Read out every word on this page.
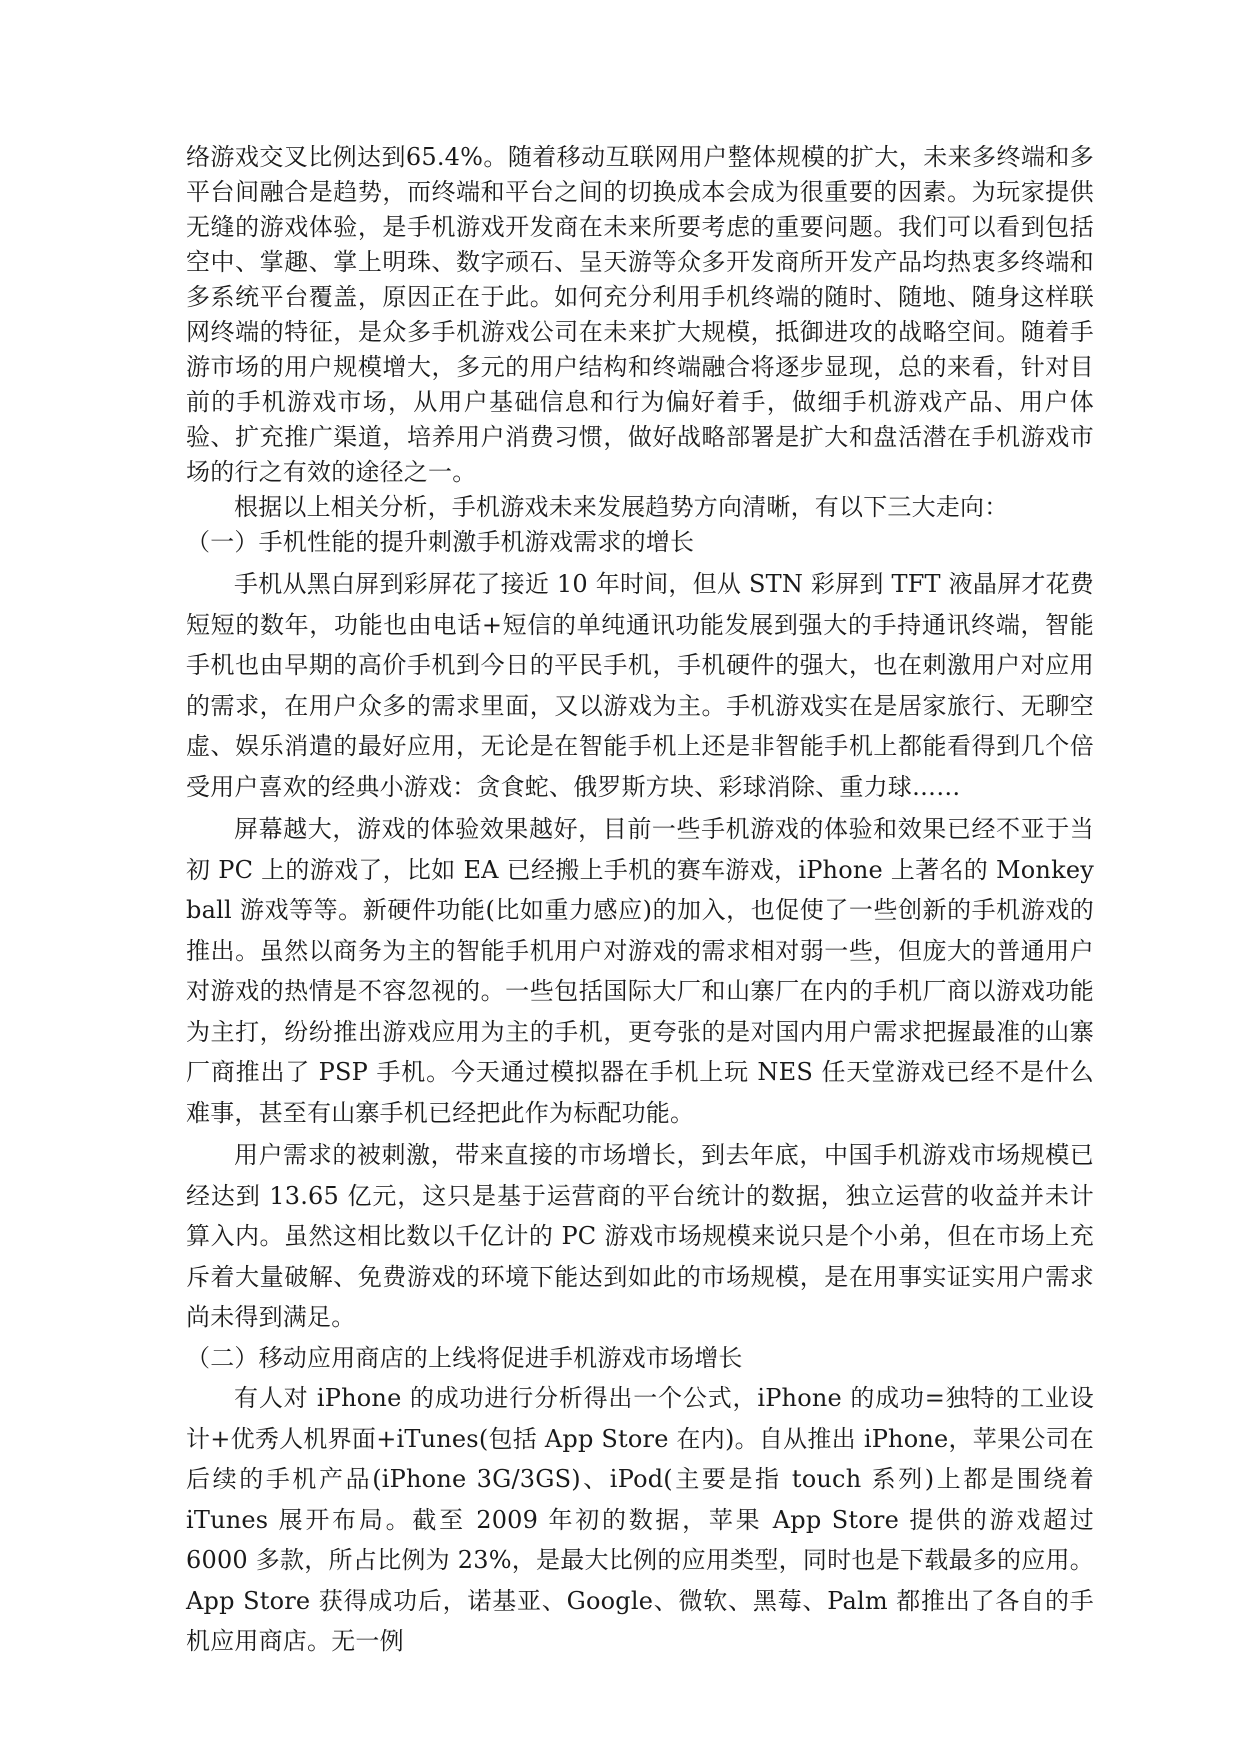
络游戏交叉比例达到65.4%。随着移动互联网用户整体规模的扩大，未来多终端和多平台间融合是趋势，而终端和平台之间的切换成本会成为很重要的因素。为玩家提供无缝的游戏体验，是手机游戏开发商在未来所要考虑的重要问题。我们可以看到包括空中、掌趣、掌上明珠、数字顽石、呈天游等众多开发商所开发产品均热衷多终端和多系统平台覆盖，原因正在于此。如何充分利用手机终端的随时、随地、随身这样联网终端的特征，是众多手机游戏公司在未来扩大规模，抵御进攻的战略空间。随着手游市场的用户规模增大，多元的用户结构和终端融合将逐步显现，总的来看，针对目前的手机游戏市场，从用户基础信息和行为偏好着手，做细手机游戏产品、用户体验、扩充推广渠道，培养用户消费习惯，做好战略部署是扩大和盘活潜在手机游戏市场的行之有效的途径之一。

根据以上相关分析，手机游戏未来发展趋势方向清晰，有以下三大走向：

（一）手机性能的提升刺激手机游戏需求的增长

手机从黑白屏到彩屏花了接近 10 年时间，但从 STN 彩屏到 TFT 液晶屏才花费短短的数年，功能也由电话+短信的单纯通讯功能发展到强大的手持通讯终端，智能手机也由早期的高价手机到今日的平民手机，手机硬件的强大，也在刺激用户对应用的需求，在用户众多的需求里面，又以游戏为主。手机游戏实在是居家旅行、无聊空虚、娱乐消遣的最好应用，无论是在智能手机上还是非智能手机上都能看得到几个倍受用户喜欢的经典小游戏：贪食蛇、俄罗斯方块、彩球消除、重力球……

屏幕越大，游戏的体验效果越好，目前一些手机游戏的体验和效果已经不亚于当初 PC 上的游戏了，比如 EA 已经搬上手机的赛车游戏，iPhone 上著名的 Monkey ball 游戏等等。新硬件功能(比如重力感应)的加入，也促使了一些创新的手机游戏的推出。虽然以商务为主的智能手机用户对游戏的需求相对弱一些，但庞大的普通用户对游戏的热情是不容忽视的。一些包括国际大厂和山寨厂在内的手机厂商以游戏功能为主打，纷纷推出游戏应用为主的手机，更夸张的是对国内用户需求把握最准的山寨厂商推出了 PSP 手机。今天通过模拟器在手机上玩 NES 任天堂游戏已经不是什么难事，甚至有山寨手机已经把此作为标配功能。

用户需求的被刺激，带来直接的市场增长，到去年底，中国手机游戏市场规模已经达到 13.65 亿元，这只是基于运营商的平台统计的数据，独立运营的收益并未计算入内。虽然这相比数以千亿计的 PC 游戏市场规模来说只是个小弟，但在市场上充斥着大量破解、免费游戏的环境下能达到如此的市场规模，是在用事实证实用户需求尚未得到满足。

（二）移动应用商店的上线将促进手机游戏市场增长

有人对 iPhone 的成功进行分析得出一个公式，iPhone 的成功=独特的工业设计+优秀人机界面+iTunes(包括 App Store 在内)。自从推出 iPhone，苹果公司在后续的手机产品(iPhone 3G/3GS)、iPod(主要是指 touch 系列)上都是围绕着 iTunes 展开布局。截至 2009 年初的数据，苹果 App Store 提供的游戏超过 6000 多款，所占比例为 23%，是最大比例的应用类型，同时也是下载最多的应用。App Store 获得成功后，诺基亚、Google、微软、黑莓、Palm 都推出了各自的手机应用商店。无一例
